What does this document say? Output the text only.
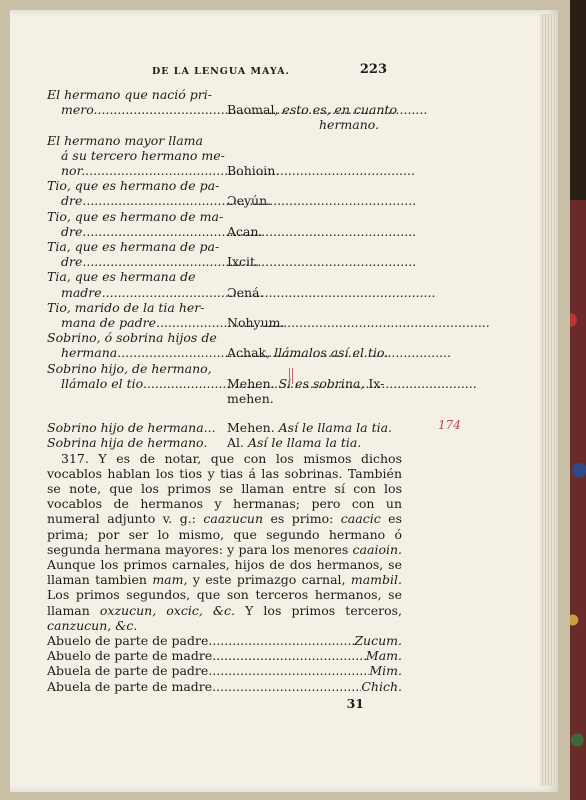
DE LA LENGUA MAYA.	223
El hermano que nació pri-
mero .....	Baomal, esto es, en cuanto
hermano.
El hermano mayor llama
á su tercero hermano me-
nor .....	Bohioin.
Tio, que es hermano de pa-
dre .....	Ɔeyún.
Tio, que es hermano de ma-
dre .....	Acan.
Tia, que es hermana de pa-
dre .....	Ixcit.
Tia, que es hermana de
madre .....	Ɔená.
Tio, marido de la tia her-
mana de padre .....	Nohyum.
Sobrino, ó sobrina hijos de
hermana .....	Achak, llámalos así el tio.
Sobrino hijo, de hermano,
llámalo el tio .....	Mehen. Si es sobrina, Ix-
mehen.
Sobrino hijo de hermana... Mehen. Así le llama la tia.
Sobrina hija de hermano.	Al. Así le llama la tia.

317. Y es de notar, que con los mismos dichos vocablos hablan los tios y tias á las sobrinas. También se note, que los primos se llaman entre sí con los vocablos de hermanos y hermanas; pero con un numeral adjunto v. g.: caazucun es primo: caacic es prima; por ser lo mismo, que segundo hermano ó segunda hermana mayores: y para los menores caaioin. Aunque los primos carnales, hijos de dos hermanos, se llaman tambien mam, y este primazgo carnal, mambil. Los primos segundos, que son terceros hermanos, se llaman oxzucun, oxcic, &c. Y los primos terceros, canzucun, &c.

Abuelo de parte de padre .....	Zucum.
Abuelo de parte de madre .....	Mam.
Abuela de parte de padre .....	Mim.
Abuela de parte de madre .....	Chich.
31
174
